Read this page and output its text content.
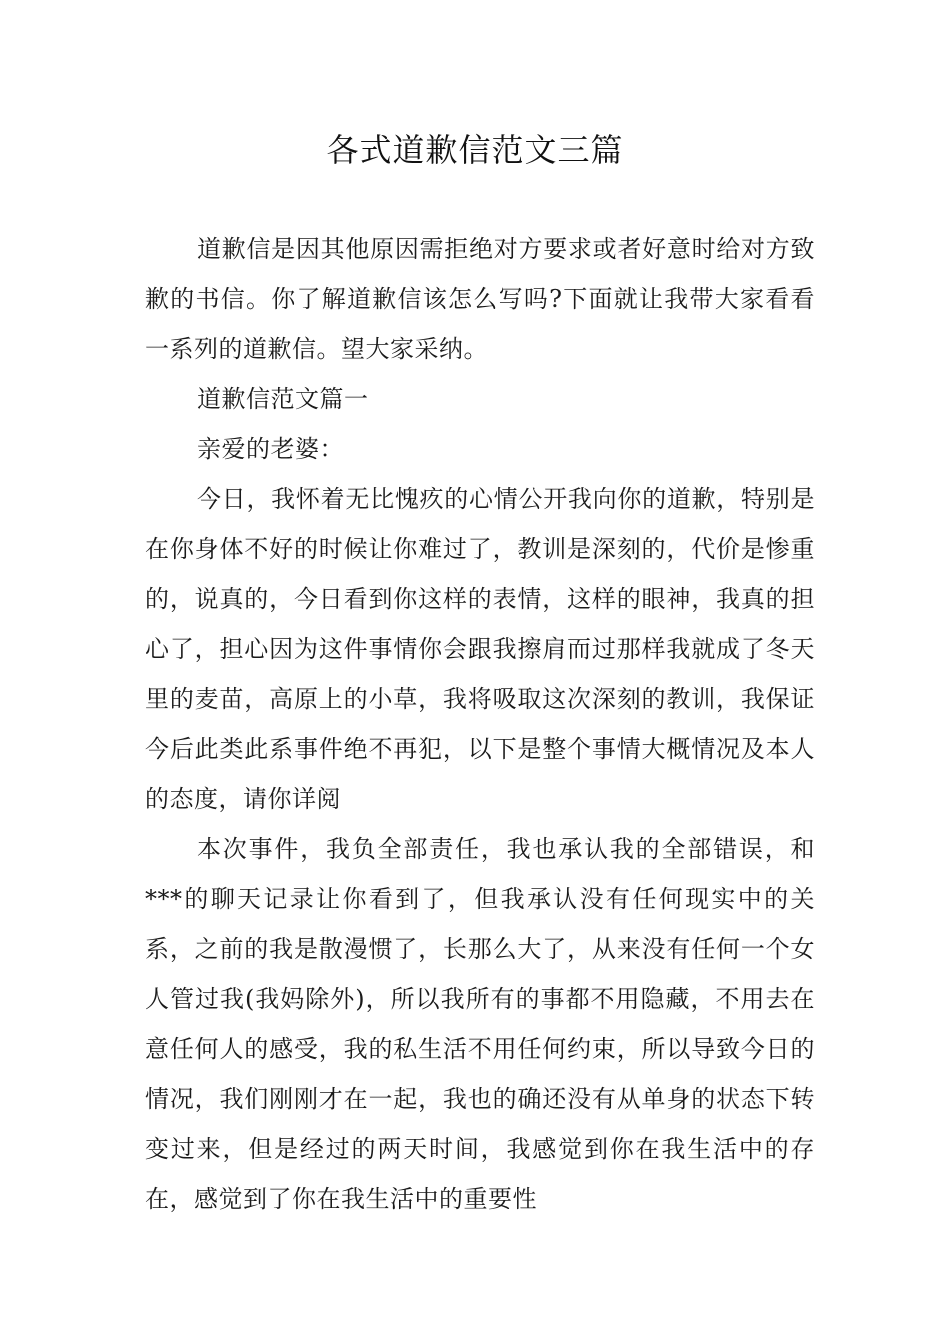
各式道歉信范文三篇

道歉信是因其他原因需拒绝对方要求或者好意时给对方致歉的书信。你了解道歉信该怎么写吗?下面就让我带大家看看一系列的道歉信。望大家采纳。

道歉信范文篇一

亲爱的老婆：

今日，我怀着无比愧疚的心情公开我向你的道歉，特别是在你身体不好的时候让你难过了，教训是深刻的，代价是惨重的，说真的，今日看到你这样的表情，这样的眼神，我真的担心了，担心因为这件事情你会跟我擦肩而过那样我就成了冬天里的麦苗，高原上的小草，我将吸取这次深刻的教训，我保证今后此类此系事件绝不再犯，以下是整个事情大概情况及本人的态度，请你详阅

本次事件，我负全部责任，我也承认我的全部错误，和***的聊天记录让你看到了，但我承认没有任何现实中的关系，之前的我是散漫惯了，长那么大了，从来没有任何一个女人管过我(我妈除外)，所以我所有的事都不用隐藏，不用去在意任何人的感受，我的私生活不用任何约束，所以导致今日的情况，我们刚刚才在一起，我也的确还没有从单身的状态下转变过来，但是经过的两天时间，我感觉到你在我生活中的存在，感觉到了你在我生活中的重要性
